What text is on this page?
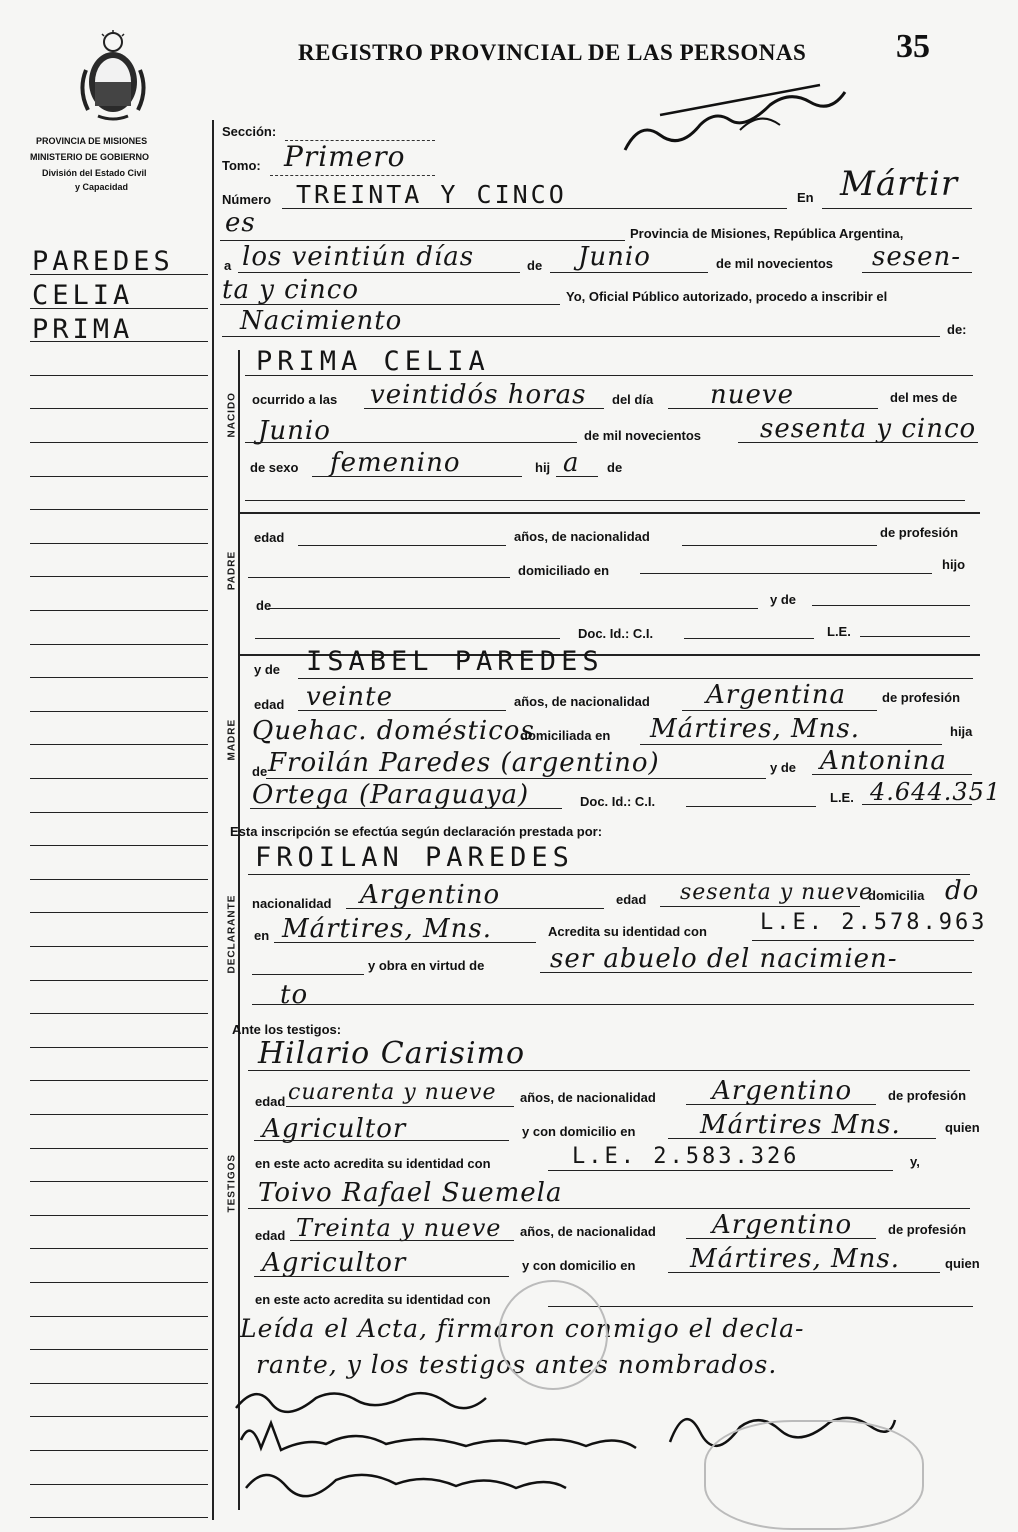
PROVINCIA DE MISIONES
MINISTERIO DE GOBIERNO
División del Estado Civil
y Capacidad
REGISTRO PROVINCIAL DE LAS PERSONAS	35
PAREDES
CELIA
PRIMA
Sección:
Tomo: Primero
Número TREINTA Y CINCO	En Mártir
es	Provincia de Misiones, República Argentina,
a los veintiún días	de Junio	de mil novecientos sesen-
ta y cinco	Yo, Oficial Público autorizado, procedo a inscribir el
Nacimiento	de:
NACIDO
PRIMA CELIA
ocurrido a las veintidós horas del día nueve	del mes de
Junio	de mil novecientos sesenta y cinco
de sexo femenino	hij a de
PADRE
edad	años, de nacionalidad	de profesión
domiciliado en	hijo
de	y de
Doc. Id.: C.I.	L.E.
MADRE
y de ISABEL PAREDES
edad veinte	años, de nacionalidad Argentina	de profesión
Quehac. domésticos
domiciliada en Mártires, Mns.	hija
de Froilán Paredes (argentino)	y de Antonina
Ortega (Paraguaya)	Doc. Id.: C.I.	L.E. 4.644.351
Esta inscripción se efectúa según declaración prestada por:
DECLARANTE
FROILAN PAREDES
nacionalidad Argentino	edad sesenta y nueve
domicilia do
en Mártires, Mns.	Acredita su identidad con L.E. 2.578.963
y obra en virtud de	ser abuelo del nacimien-
to
Ante los testigos:
TESTIGOS
Hilario Carisimo
edad cuarenta y nueve años, de nacionalidad Argentino	de profesión
Agricultor	y con domicilio en Mártires Mns.	quien
en este acto acredita su identidad con	L.E. 2.583.326	y,
Toivo Rafael Suemela
edad Treinta y nueve años, de nacionalidad Argentino	de profesión
Agricultor	y con domicilio en Mártires, Mns.	quien
en este acto acredita su identidad con
Leída el Acta, firmaron conmigo el decla-
rante, y los testigos antes nombrados.
